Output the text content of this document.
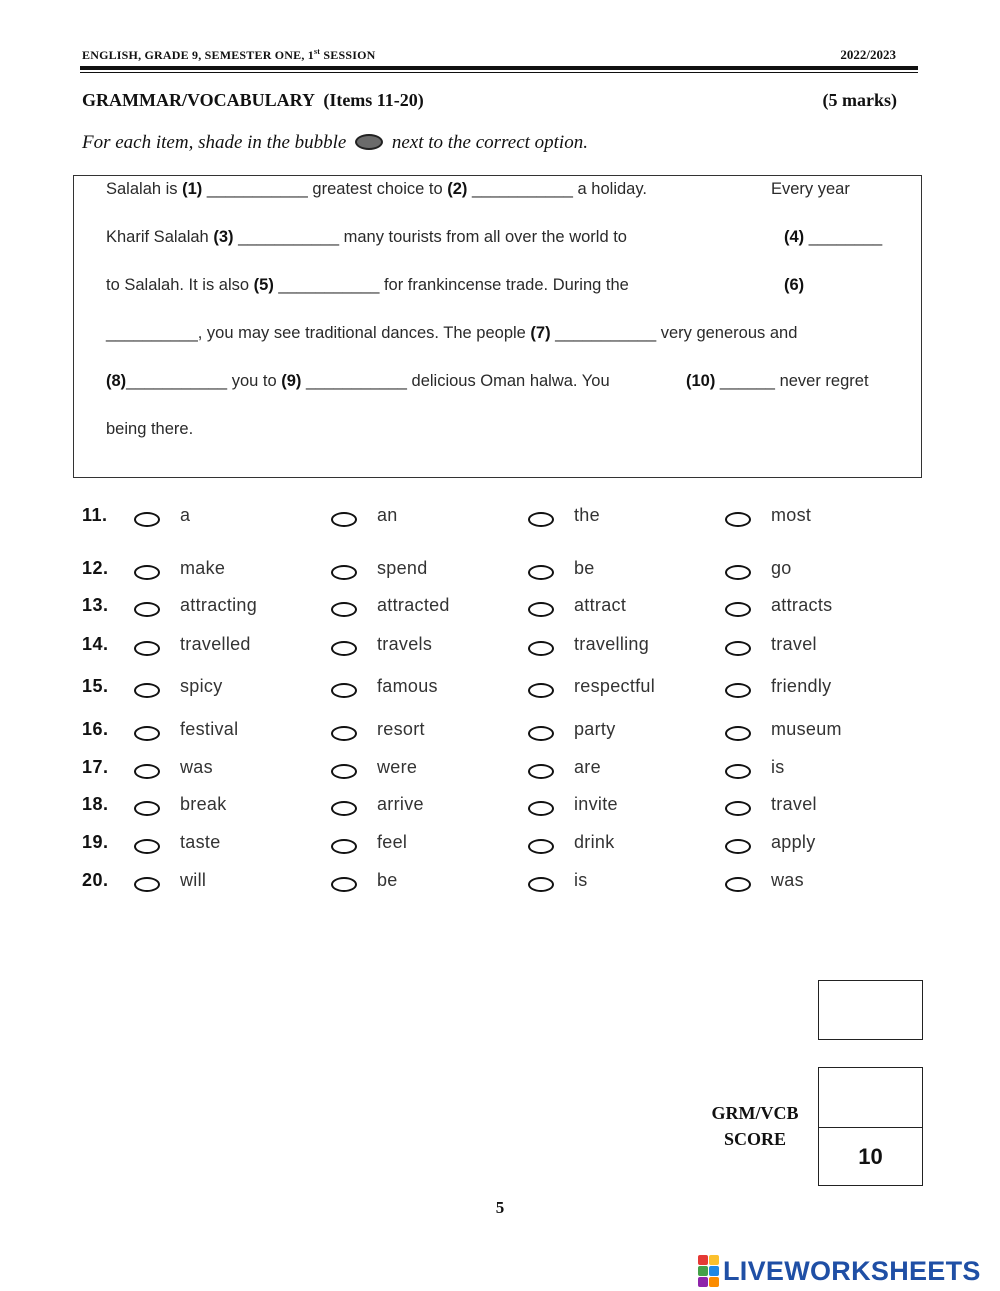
ENGLISH, GRADE 9, SEMESTER ONE, 1st SESSION	2022/2023
GRAMMAR/VOCABULARY  (Items 11-20)	(5 marks)
For each item, shade in the bubble next to the correct option.
Salalah is (1) ___________ greatest choice to (2) ___________ a holiday.	Every year
Kharif Salalah (3) ___________ many tourists from all over the world to	(4) ________
to Salalah. It is also (5) ___________ for frankincense trade. During the	(6)
__________, you may see traditional dances. The people (7) ___________ very generous and
(8)___________ you to (9) ___________ delicious Oman halwa. You	(10) ______ never regret
being there.
11.	a	an	the	most
12.	make	spend	be	go
13.	attracting	attracted	attract	attracts
14.	travelled	travels	travelling	travel
15.	spicy	famous	respectful	friendly
16.	festival	resort	party	museum
17.	was	were	are	is
18.	break	arrive	invite	travel
19.	taste	feel	drink	apply
20.	will	be	is	was
10
GRM/VCB
SCORE
5
LIVEWORKSHEETS
